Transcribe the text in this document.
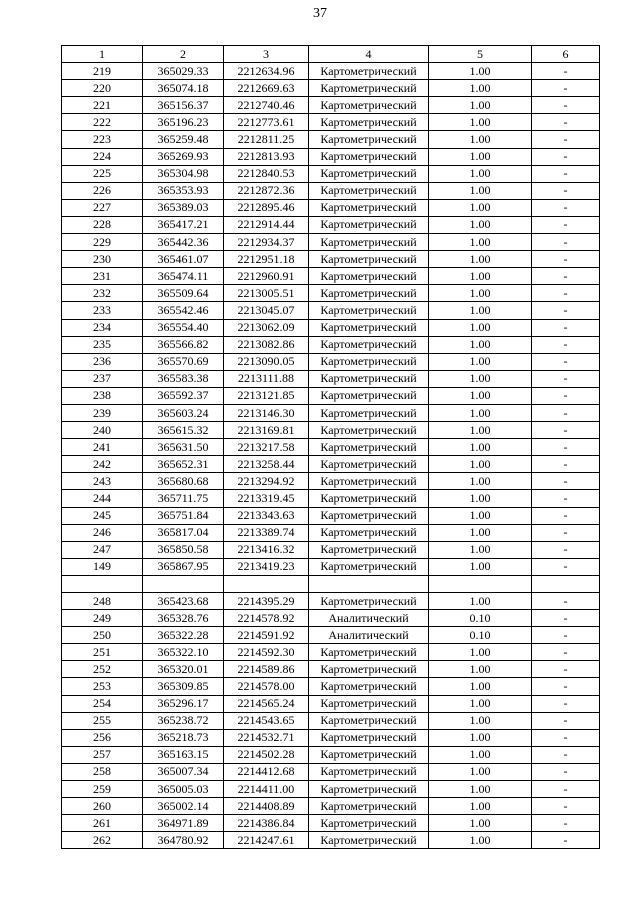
37
1	2	3	4	5	6
219	365029.33	2212634.96	Картометрический	1.00	-
220	365074.18	2212669.63	Картометрический	1.00	-
221	365156.37	2212740.46	Картометрический	1.00	-
222	365196.23	2212773.61	Картометрический	1.00	-
223	365259.48	2212811.25	Картометрический	1.00	-
224	365269.93	2212813.93	Картометрический	1.00	-
225	365304.98	2212840.53	Картометрический	1.00	-
226	365353.93	2212872.36	Картометрический	1.00	-
227	365389.03	2212895.46	Картометрический	1.00	-
228	365417.21	2212914.44	Картометрический	1.00	-
229	365442.36	2212934.37	Картометрический	1.00	-
230	365461.07	2212951.18	Картометрический	1.00	-
231	365474.11	2212960.91	Картометрический	1.00	-
232	365509.64	2213005.51	Картометрический	1.00	-
233	365542.46	2213045.07	Картометрический	1.00	-
234	365554.40	2213062.09	Картометрический	1.00	-
235	365566.82	2213082.86	Картометрический	1.00	-
236	365570.69	2213090.05	Картометрический	1.00	-
237	365583.38	2213111.88	Картометрический	1.00	-
238	365592.37	2213121.85	Картометрический	1.00	-
239	365603.24	2213146.30	Картометрический	1.00	-
240	365615.32	2213169.81	Картометрический	1.00	-
241	365631.50	2213217.58	Картометрический	1.00	-
242	365652.31	2213258.44	Картометрический	1.00	-
243	365680.68	2213294.92	Картометрический	1.00	-
244	365711.75	2213319.45	Картометрический	1.00	-
245	365751.84	2213343.63	Картометрический	1.00	-
246	365817.04	2213389.74	Картометрический	1.00	-
247	365850.58	2213416.32	Картометрический	1.00	-
149	365867.95	2213419.23	Картометрический	1.00	-

248	365423.68	2214395.29	Картометрический	1.00	-
249	365328.76	2214578.92	Аналитический	0.10	-
250	365322.28	2214591.92	Аналитический	0.10	-
251	365322.10	2214592.30	Картометрический	1.00	-
252	365320.01	2214589.86	Картометрический	1.00	-
253	365309.85	2214578.00	Картометрический	1.00	-
254	365296.17	2214565.24	Картометрический	1.00	-
255	365238.72	2214543.65	Картометрический	1.00	-
256	365218.73	2214532.71	Картометрический	1.00	-
257	365163.15	2214502.28	Картометрический	1.00	-
258	365007.34	2214412.68	Картометрический	1.00	-
259	365005.03	2214411.00	Картометрический	1.00	-
260	365002.14	2214408.89	Картометрический	1.00	-
261	364971.89	2214386.84	Картометрический	1.00	-
262	364780.92	2214247.61	Картометрический	1.00	-
